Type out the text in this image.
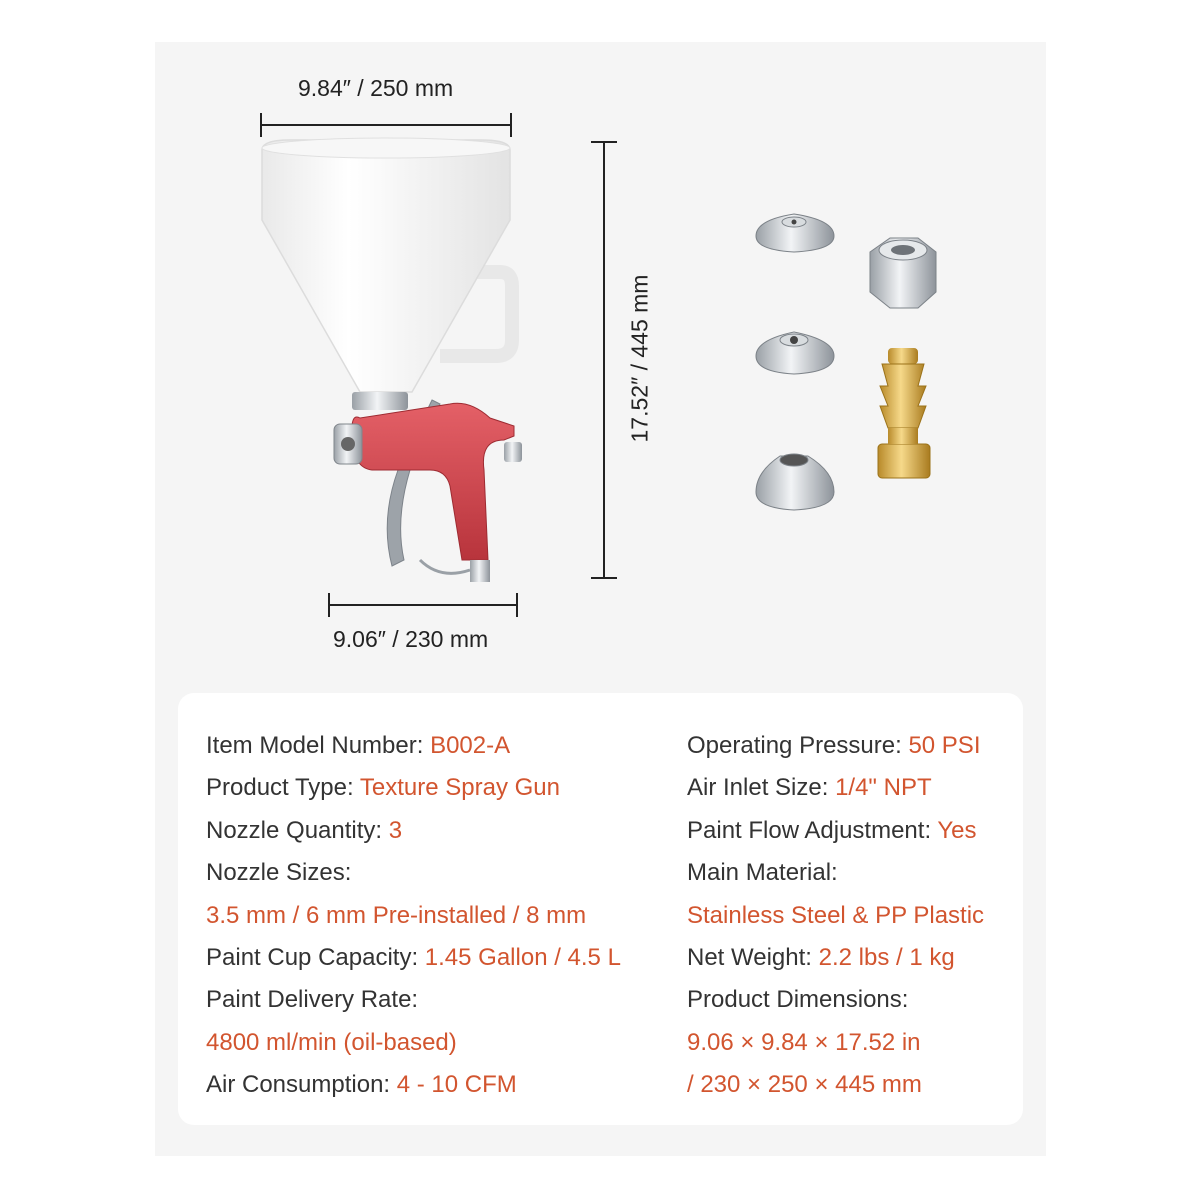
9.84″ / 250 mm
9.06″ / 230 mm
17.52″ / 445 mm
Item Model Number: B002-A
Product Type: Texture Spray Gun
Nozzle Quantity: 3
Nozzle Sizes:
3.5 mm / 6 mm Pre-installed / 8 mm
Paint Cup Capacity: 1.45 Gallon / 4.5 L
Paint Delivery Rate:
4800 ml/min (oil-based)
Air Consumption: 4 - 10 CFM
Operating Pressure: 50 PSI
Air Inlet Size: 1/4" NPT
Paint Flow Adjustment: Yes
Main Material:
Stainless Steel & PP Plastic
Net Weight: 2.2 lbs / 1 kg
Product Dimensions:
9.06 × 9.84 × 17.52 in
/ 230 × 250 × 445 mm
